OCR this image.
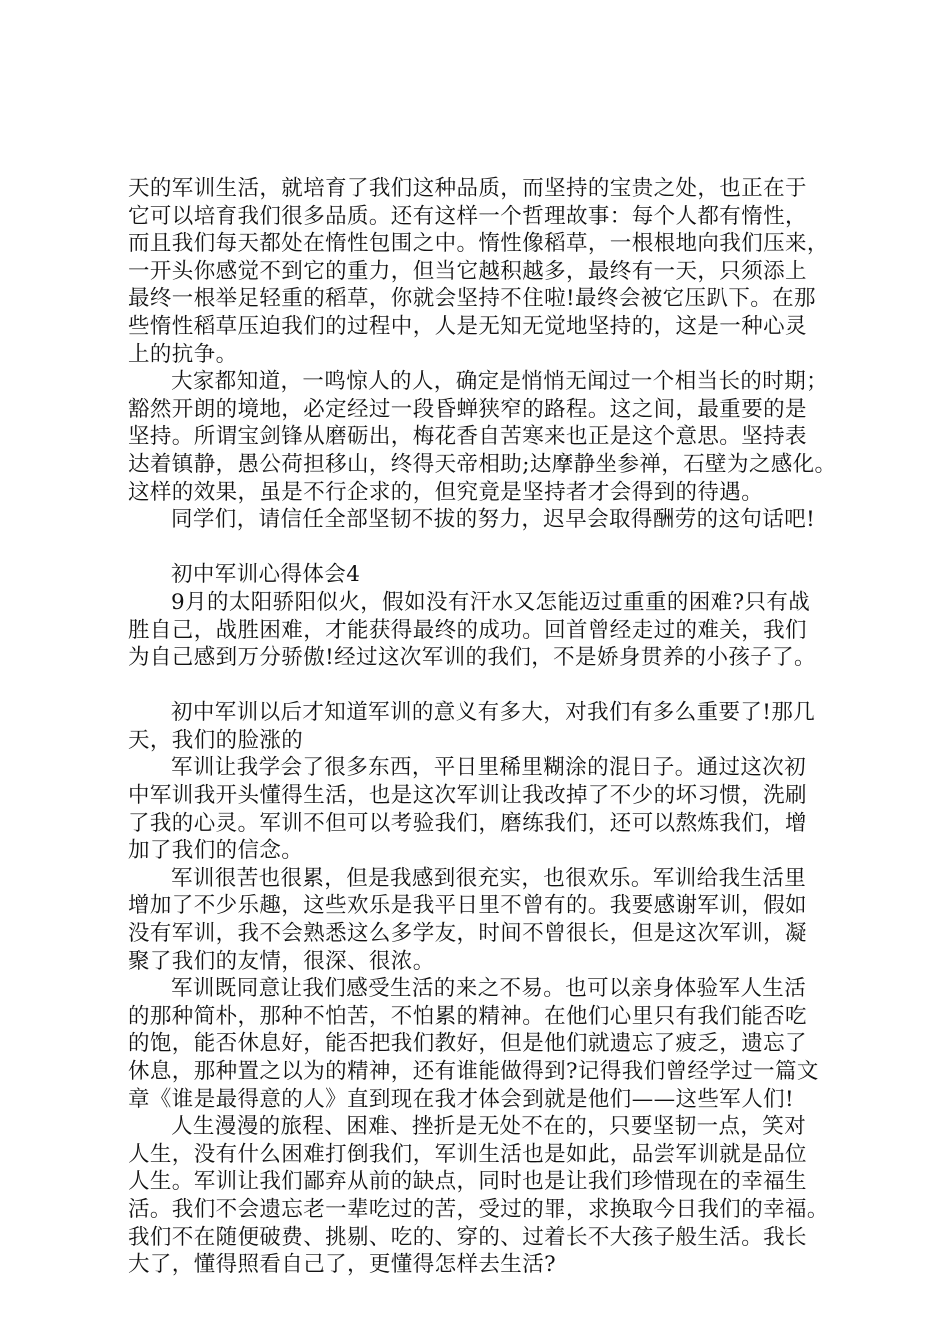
天的军训生活，就培育了我们这种品质，而坚持的宝贵之处，也正在于
它可以培育我们很多品质。还有这样一个哲理故事：每个人都有惰性，
而且我们每天都处在惰性包围之中。惰性像稻草，一根根地向我们压来，
一开头你感觉不到它的重力，但当它越积越多，最终有一天，只须添上
最终一根举足轻重的稻草，你就会坚持不住啦!最终会被它压趴下。在那
些惰性稻草压迫我们的过程中，人是无知无觉地坚持的，这是一种心灵
上的抗争。
大家都知道，一鸣惊人的人，确定是悄悄无闻过一个相当长的时期；
豁然开朗的境地，必定经过一段昏蝉狭窄的路程。这之间，最重要的是
坚持。所谓宝剑锋从磨砺出，梅花香自苦寒来也正是这个意思。坚持表
达着镇静，愚公荷担移山，终得天帝相助;达摩静坐参禅，石壁为之感化。
这样的效果，虽是不行企求的，但究竟是坚持者才会得到的待遇。
同学们，请信任全部坚韧不拔的努力，迟早会取得酬劳的这句话吧!
初中军训心得体会4
9月的太阳骄阳似火，假如没有汗水又怎能迈过重重的困难?只有战
胜自己，战胜困难，才能获得最终的成功。回首曾经走过的难关，我们
为自己感到万分骄傲!经过这次军训的我们，不是娇身贯养的小孩子了。
初中军训以后才知道军训的意义有多大，对我们有多么重要了!那几
天，我们的脸涨的
军训让我学会了很多东西，平日里稀里糊涂的混日子。通过这次初
中军训我开头懂得生活，也是这次军训让我改掉了不少的坏习惯，洗刷
了我的心灵。军训不但可以考验我们，磨练我们，还可以熬炼我们，增
加了我们的信念。
军训很苦也很累，但是我感到很充实，也很欢乐。军训给我生活里
增加了不少乐趣，这些欢乐是我平日里不曾有的。我要感谢军训，假如
没有军训，我不会熟悉这么多学友，时间不曾很长，但是这次军训，凝
聚了我们的友情，很深、很浓。
军训既同意让我们感受生活的来之不易。也可以亲身体验军人生活
的那种简朴，那种不怕苦，不怕累的精神。在他们心里只有我们能否吃
的饱，能否休息好，能否把我们教好，但是他们就遗忘了疲乏，遗忘了
休息，那种置之以为的精神，还有谁能做得到?记得我们曾经学过一篇文
章《谁是最得意的人》直到现在我才体会到就是他们——这些军人们!
人生漫漫的旅程、困难、挫折是无处不在的，只要坚韧一点，笑对
人生，没有什么困难打倒我们，军训生活也是如此，品尝军训就是品位
人生。军训让我们鄙弃从前的缺点，同时也是让我们珍惜现在的幸福生
活。我们不会遗忘老一辈吃过的苦，受过的罪，求换取今日我们的幸福。
我们不在随便破费、挑剔、吃的、穿的、过着长不大孩子般生活。我长
大了，懂得照看自己了，更懂得怎样去生活?
